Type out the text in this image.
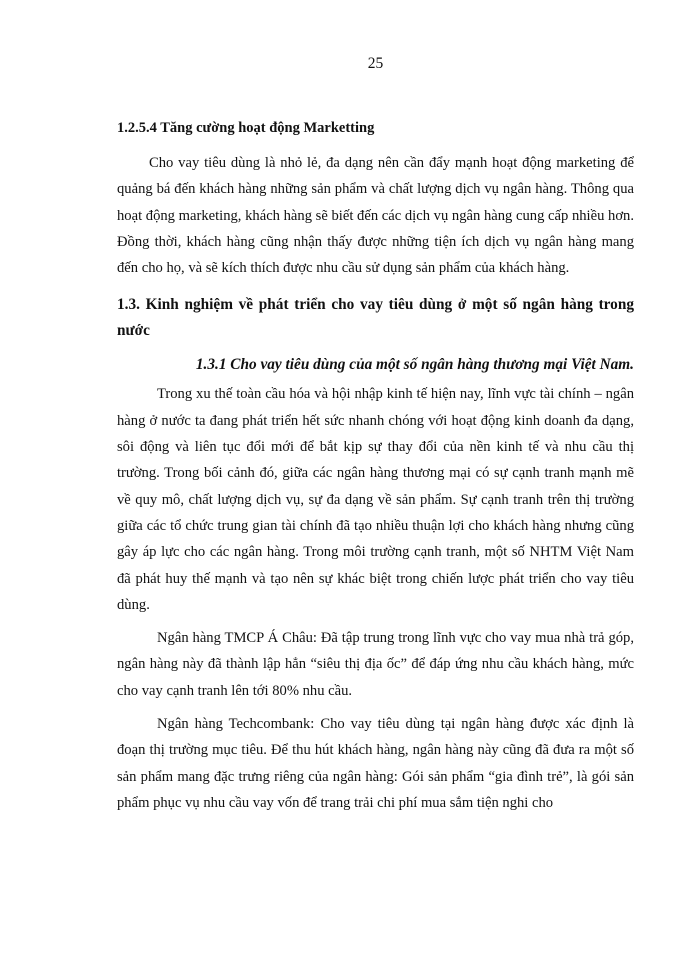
25
1.2.5.4 Tăng cường hoạt động Marketting

Cho vay tiêu dùng là nhỏ lẻ, đa dạng nên cần đẩy mạnh hoạt động marketing để quảng bá đến khách hàng những sản phẩm và chất lượng dịch vụ ngân hàng. Thông qua hoạt động marketing, khách hàng sẽ biết đến các dịch vụ ngân hàng cung cấp nhiều hơn. Đồng thời, khách hàng cũng nhận thấy được những tiện ích dịch vụ ngân hàng mang đến cho họ, và sẽ kích thích được nhu cầu sử dụng sản phẩm của khách hàng.

1.3. Kinh nghiệm về phát triển cho vay tiêu dùng ở một số ngân hàng trong nước
1.3.1 Cho vay tiêu dùng của một số ngân hàng thương mại Việt Nam.

Trong xu thế toàn cầu hóa và hội nhập kinh tế hiện nay, lĩnh vực tài chính – ngân hàng ở nước ta đang phát triển hết sức nhanh chóng với hoạt động kinh doanh đa dạng, sôi động và liên tục đổi mới để bắt kịp sự thay đổi của nền kinh tế và nhu cầu thị trường. Trong bối cảnh đó, giữa các ngân hàng thương mại có sự cạnh tranh mạnh mẽ về quy mô, chất lượng dịch vụ, sự đa dạng về sản phẩm. Sự cạnh tranh trên thị trường giữa các tổ chức trung gian tài chính đã tạo nhiều thuận lợi cho khách hàng nhưng cũng gây áp lực cho các ngân hàng. Trong môi trường cạnh tranh, một số NHTM Việt Nam đã phát huy thế mạnh và tạo nên sự khác biệt trong chiến lược phát triển cho vay tiêu dùng.

Ngân hàng TMCP Á Châu: Đã tập trung trong lĩnh vực cho vay mua nhà trả góp, ngân hàng này đã thành lập hẳn “siêu thị địa ốc” để đáp ứng nhu cầu khách hàng, mức cho vay cạnh tranh lên tới 80% nhu cầu.

Ngân hàng Techcombank: Cho vay tiêu dùng tại ngân hàng được xác định là đoạn thị trường mục tiêu. Để thu hút khách hàng, ngân hàng này cũng đã đưa ra một số sản phẩm mang đặc trưng riêng của ngân hàng: Gói sản phẩm “gia đình trẻ”, là gói sản phẩm phục vụ nhu cầu vay vốn để trang trải chi phí mua sắm tiện nghi cho
